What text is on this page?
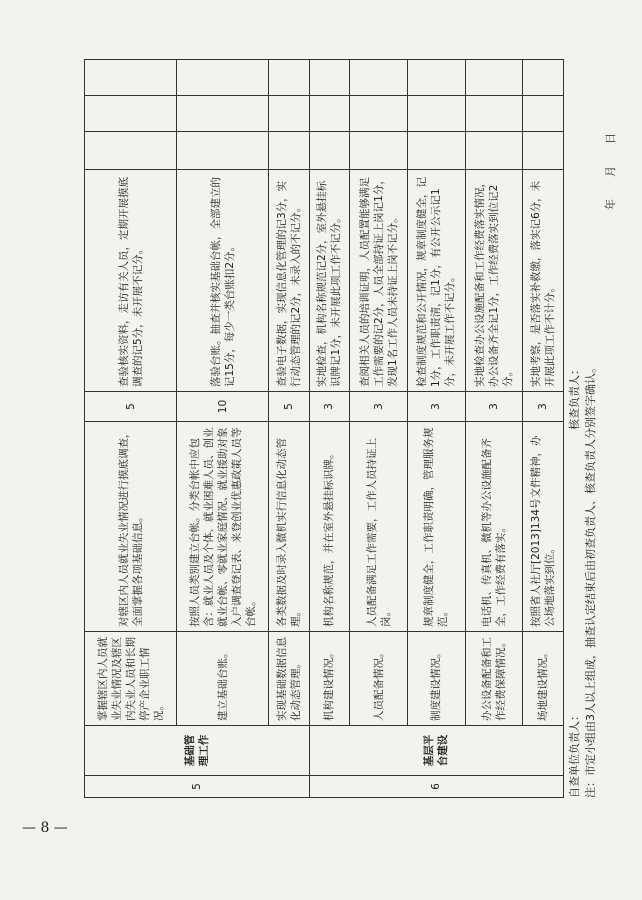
5	基础管理工作	掌握辖区内人员就业失业情况及辖区内失业人员和长期停产企业职工情况。	对辖区内人员就业失业情况进行摸底调查，全面掌握各项基础信息。	5	查验核实资料，走访有关人员，定期开展摸底调查的记5分，未开展不记分。			
		建立基础台账。	按照人员类别建立台帐。分类台帐中应包含：就业人员及个体、就业困难人员、创业就业台帐、零就业家庭情况、就业援助对象入户调查登记表、来登创业优惠政策人员等台帐。	10	落验台账。抽查并核实基础台帐，全部建立的记15分，每少一类台账扣2分。			
		实现基础数据信息化动态管理。	各类数据及时录入微机实行信息化动态管理。	5	查验电子数据，实现信息化管理的记3分，实行动态管理的记2分，未录入的不记分。			
6	基层平台建设	机构建设情况。	机构名称规范，并在室外悬挂标识牌。	3	实地检查，机构名称规范记2分，室外悬挂标识牌记1分，未开展此项工作不记分。			
		人员配备情况。	人员配备满足工作需要，工作人员持证上岗。	3	查阅相关人员的培训证明，人员配置能够满足工作需要的记2分，人员全部持证上岗记1分，发现1名工作人员未持证上岗不记分。			
		制度建设情况。	规章制度健全，工作职责明确，管理服务规范。	3	检查制度规范和公开情况，规章制度健全，记1分，工作职责清，记1分，有公开公示记1分，未开展工作不记分。			
		办公设备配备和工作经费保障情况。	电话机、传真机、微机等办公设施配备齐全，工作经费有落实。	3	实地检查办公设施配备和工作经费落实情况，办公设备齐全记1分，工作经费落实到位记2分。			
		场地建设情况。	按照省人社厅[2013]134号文件精神，办公场地落实到位。	3	实地考察，是否落实补救缴，落实记6分，未开展此项工作不计分。			
自查单位负责人：
核查负责人： 注：市定小组由3人以上组成，抽查认定结束后由初查负责人、核查负责人分别签字确认。
年　　月　　日
— 8 —
